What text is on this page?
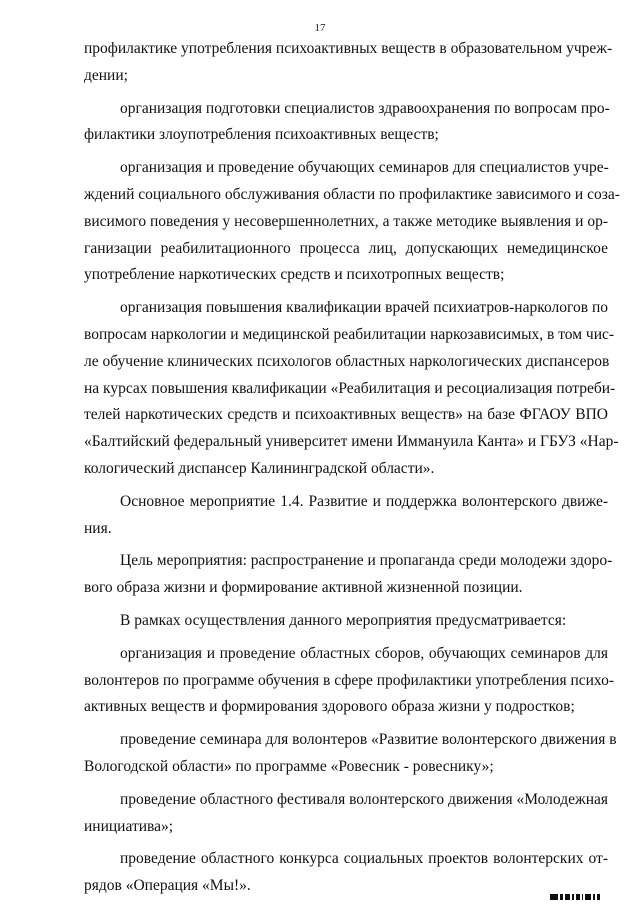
17
профилактике употребления психоактивных веществ в образовательном учреж-
дении;
организация подготовки специалистов здравоохранения по вопросам про-
филактики злоупотребления психоактивных веществ;
организация и проведение обучающих семинаров для специалистов учре-
ждений социального обслуживания области по профилактике зависимого и соза-
висимого поведения у несовершеннолетних, а также методике выявления и ор-
ганизации реабилитационного процесса лиц, допускающих немедицинское
употребление наркотических средств и психотропных веществ;
организация повышения квалификации врачей психиатров-наркологов по
вопросам наркологии и медицинской реабилитации наркозависимых, в том чис-
ле обучение клинических психологов областных наркологических диспансеров
на курсах повышения квалификации «Реабилитация и ресоциализация потреби-
телей наркотических средств и психоактивных веществ» на базе ФГАОУ ВПО
«Балтийский федеральный университет имени Иммануила Канта» и ГБУЗ «Нар-
кологический диспансер Калининградской области».
Основное мероприятие 1.4. Развитие и поддержка волонтерского движе-
ния.
Цель мероприятия: распространение и пропаганда среди молодежи здоро-
вого образа жизни и формирование активной жизненной позиции.
В рамках осуществления данного мероприятия предусматривается:
организация и проведение областных сборов, обучающих семинаров для
волонтеров по программе обучения в сфере профилактики употребления психо-
активных веществ и формирования здорового образа жизни у подростков;
проведение семинара для волонтеров «Развитие волонтерского движения в
Вологодской области» по программе «Ровесник - ровеснику»;
проведение областного фестиваля волонтерского движения «Молодежная
инициатива»;
проведение областного конкурса социальных проектов волонтерских от-
рядов «Операция «Мы!».
